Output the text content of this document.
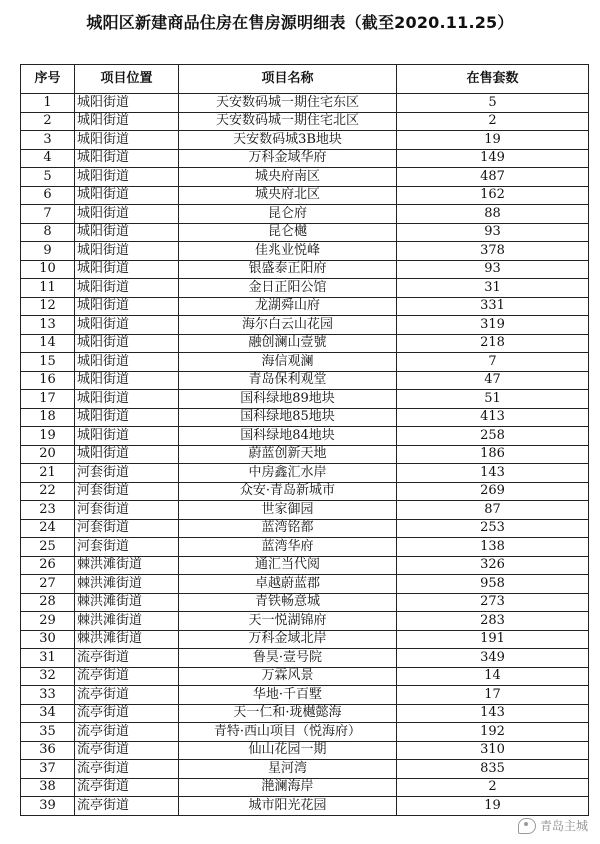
城阳区新建商品住房在售房源明细表（截至2020.11.25）
序号	项目位置	项目名称	在售套数
1	城阳街道	天安数码城一期住宅东区	5
2	城阳街道	天安数码城一期住宅北区	2
3	城阳街道	天安数码城3B地块	19
4	城阳街道	万科金域华府	149
5	城阳街道	城央府南区	487
6	城阳街道	城央府北区	162
7	城阳街道	昆仑府	88
8	城阳街道	昆仑樾	93
9	城阳街道	佳兆业悦峰	378
10	城阳街道	银盛泰正阳府	93
11	城阳街道	金日正阳公馆	31
12	城阳街道	龙湖舜山府	331
13	城阳街道	海尔白云山花园	319
14	城阳街道	融创澜山壹號	218
15	城阳街道	海信观澜	7
16	城阳街道	青岛保利观堂	47
17	城阳街道	国科绿地89地块	51
18	城阳街道	国科绿地85地块	413
19	城阳街道	国科绿地84地块	258
20	城阳街道	蔚蓝创新天地	186
21	河套街道	中房鑫汇水岸	143
22	河套街道	众安·青岛新城市	269
23	河套街道	世家御园	87
24	河套街道	蓝湾铭都	253
25	河套街道	蓝湾华府	138
26	棘洪滩街道	通汇当代阅	326
27	棘洪滩街道	卓越蔚蓝郡	958
28	棘洪滩街道	青铁畅意城	273
29	棘洪滩街道	天一悦湖锦府	283
30	棘洪滩街道	万科金域北岸	191
31	流亭街道	鲁昊·壹号院	349
32	流亭街道	万霖风景	14
33	流亭街道	华地·千百墅	17
34	流亭街道	天一仁和·珑樾懿海	143
35	流亭街道	青特·西山项目（悦海府）	192
36	流亭街道	仙山花园一期	310
37	流亭街道	星河湾	835
38	流亭街道	滟澜海岸	2
39	流亭街道	城市阳光花园	19
青岛主城
